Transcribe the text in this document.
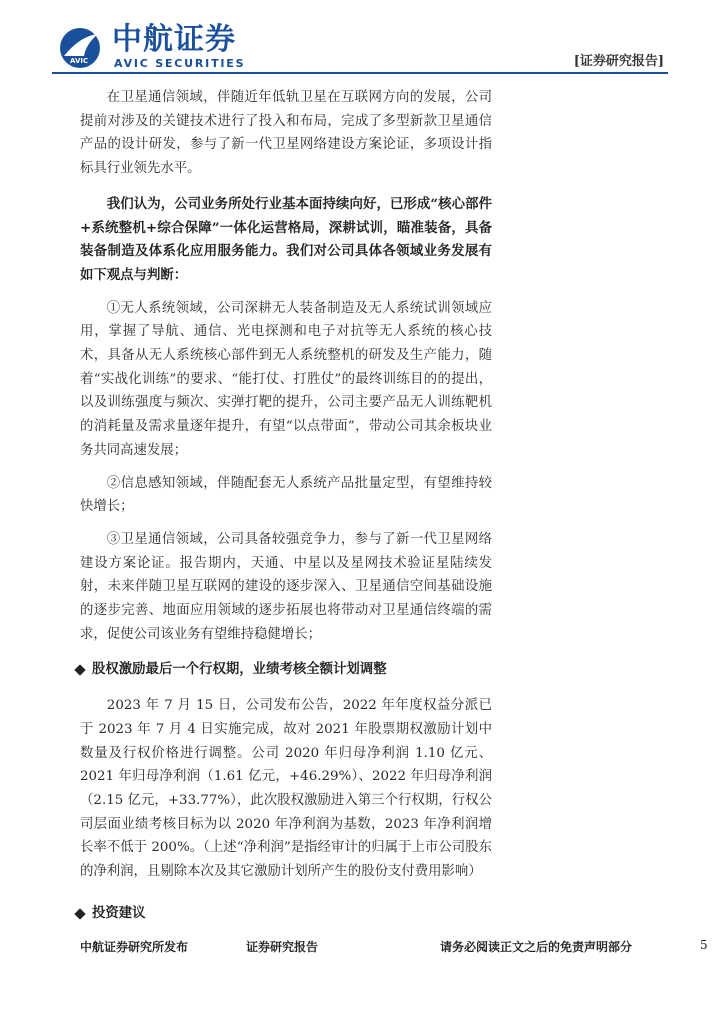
AVIC
中航证券
AVIC SECURITIES	[证券研究报告]

在卫星通信领域，伴随近年低轨卫星在互联网方向的发展，公司提前对涉及的关键技术进行了投入和布局，完成了多型新款卫星通信产品的设计研发，参与了新一代卫星网络建设方案论证，多项设计指标具行业领先水平。

我们认为，公司业务所处行业基本面持续向好，已形成“核心部件+系统整机+综合保障”一体化运营格局，深耕试训，瞄准装备，具备装备制造及体系化应用服务能力。我们对公司具体各领域业务发展有如下观点与判断：

①无人系统领域，公司深耕无人装备制造及无人系统试训领域应用，掌握了导航、通信、光电探测和电子对抗等无人系统的核心技术，具备从无人系统核心部件到无人系统整机的研发及生产能力，随着“实战化训练”的要求、“能打仗、打胜仗”的最终训练目的的提出，以及训练强度与频次、实弹打靶的提升，公司主要产品无人训练靶机的消耗量及需求量逐年提升，有望“以点带面”，带动公司其余板块业务共同高速发展；

②信息感知领域，伴随配套无人系统产品批量定型，有望维持较快增长；

③卫星通信领域，公司具备较强竞争力，参与了新一代卫星网络建设方案论证。报告期内，天通、中星以及星网技术验证星陆续发射，未来伴随卫星互联网的建设的逐步深入、卫星通信空间基础设施的逐步完善、地面应用领域的逐步拓展也将带动对卫星通信终端的需求，促使公司该业务有望维持稳健增长；

股权激励最后一个行权期，业绩考核全额计划调整

2023 年 7 月 15 日，公司发布公告，2022 年年度权益分派已于 2023 年 7 月 4 日实施完成，故对 2021 年股票期权激励计划中数量及行权价格进行调整。公司 2020 年归母净利润 1.10 亿元、2021 年归母净利润（1.61 亿元，+46.29%）、2022 年归母净利润（2.15 亿元，+33.77%），此次股权激励进入第三个行权期，行权公司层面业绩考核目标为以 2020 年净利润为基数，2023 年净利润增长率不低于 200%。（上述“净利润”是指经审计的归属于上市公司股东的净利润，且剔除本次及其它激励计划所产生的股份支付费用影响）

投资建议
中航证券研究所发布	证券研究报告	请务必阅读正文之后的免责声明部分	5
